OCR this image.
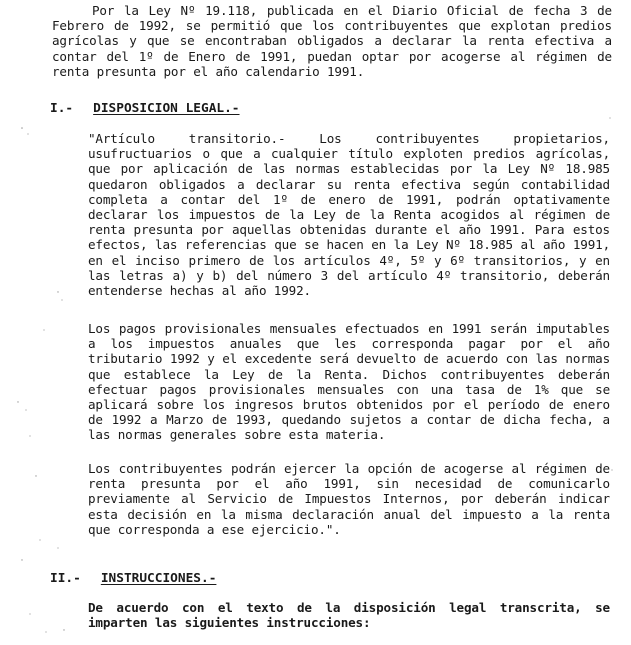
Por la Ley Nº 19.118, publicada en el Diario Oficial de fecha 3 de Febrero de 1992, se permitió que los contribuyentes que explotan predios agrícolas y que se encontraban obligados a declarar la renta efectiva a contar del 1º de Enero de 1991, puedan optar por acogerse al régimen de renta presunta por el año calendario 1991.

I.- DISPOSICION LEGAL.-

"Artículo transitorio.- Los contribuyentes propietarios, usufructuarios o que a cualquier título exploten predios agrícolas, que por aplicación de las normas establecidas por la Ley Nº 18.985 quedaron obligados a declarar su renta efectiva según contabilidad completa a contar del 1º de enero de 1991, podrán optativamente declarar los impuestos de la Ley de la Renta acogidos al régimen de renta presunta por aquellas obtenidas durante el año 1991. Para estos efectos, las referencias que se hacen en la Ley Nº 18.985 al año 1991, en el inciso primero de los artículos 4º, 5º y 6º transitorios, y en las letras a) y b) del número 3 del artículo 4º transitorio, deberán entenderse hechas al año 1992.

Los pagos provisionales mensuales efectuados en 1991 serán imputables a los impuestos anuales que les corresponda pagar por el año tributario 1992 y el excedente será devuelto de acuerdo con las normas que establece la Ley de la Renta. Dichos contribuyentes deberán efectuar pagos provisionales mensuales con una tasa de 1% que se aplicará sobre los ingresos brutos obtenidos por el período de enero de 1992 a Marzo de 1993, quedando sujetos a contar de dicha fecha, a las normas generales sobre esta materia.

Los contribuyentes podrán ejercer la opción de acogerse al régimen de renta presunta por el año 1991, sin necesidad de comunicarlo previamente al Servicio de Impuestos Internos, por deberán indicar esta decisión en la misma declaración anual del impuesto a la renta que corresponda a ese ejercicio.".

II.- INSTRUCCIONES.-

De acuerdo con el texto de la disposición legal transcrita, se imparten las siguientes instrucciones:
